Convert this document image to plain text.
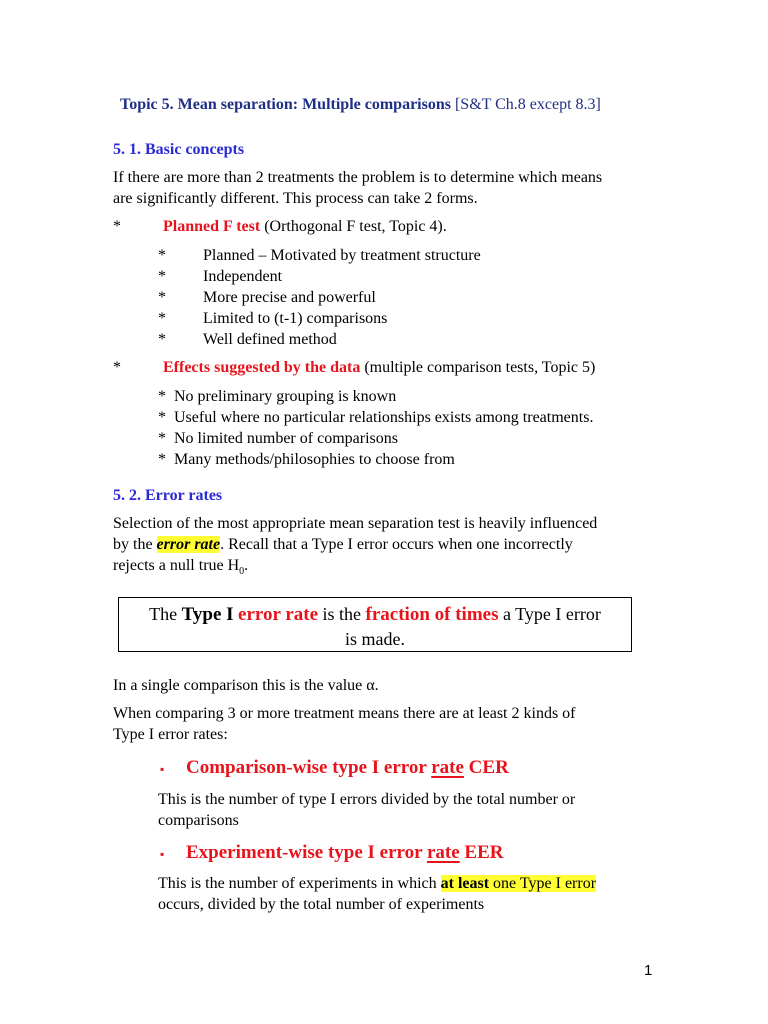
Topic 5. Mean separation: Multiple comparisons [S&T Ch.8 except 8.3]
5. 1. Basic concepts
If there are more than 2 treatments the problem is to determine which means
are significantly different. This process can take 2 forms.
*	Planned F test (Orthogonal F test, Topic 4).
* Planned – Motivated by treatment structure
* Independent
* More precise and powerful
* Limited to (t-1) comparisons
* Well defined method
*	Effects suggested by the data (multiple comparison tests, Topic 5)
* No preliminary grouping is known
* Useful where no particular relationships exists among treatments.
* No limited number of comparisons
* Many methods/philosophies to choose from
5. 2. Error rates
Selection of the most appropriate mean separation test is heavily influenced
by the error rate. Recall that a Type I error occurs when one incorrectly
rejects a null true $H_0$.
The Type I error rate is the fraction of times a Type I error
is made.
In a single comparison this is the value α.
When comparing 3 or more treatment means there are at least 2 kinds of
Type I error rates:
▪ Comparison-wise type I error rate CER
This is the number of type I errors divided by the total number or
comparisons
▪ Experiment-wise type I error rate EER
This is the number of experiments in which at least one Type I error
occurs, divided by the total number of experiments
1
